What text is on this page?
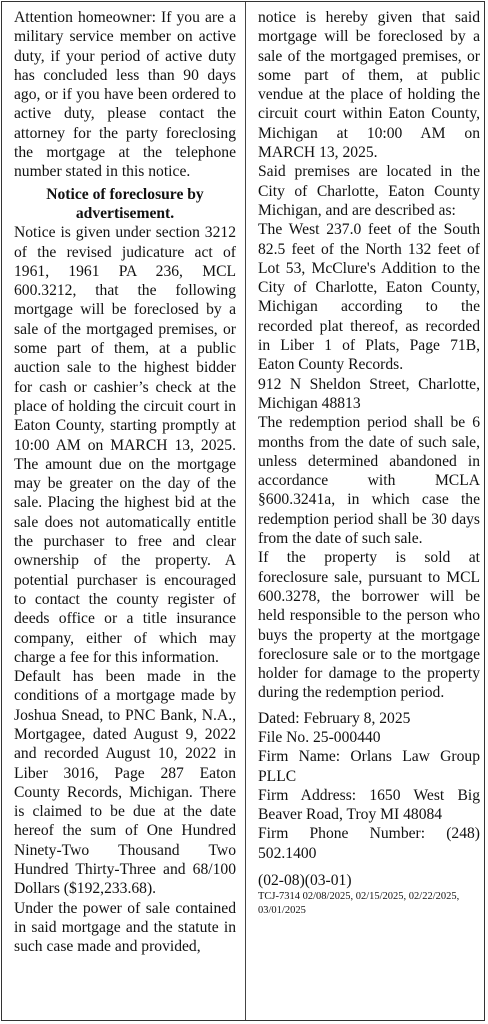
Attention homeowner: If you are a military service member on active duty, if your period of active duty has concluded less than 90 days ago, or if you have been ordered to active duty, please contact the attorney for the party foreclosing the mortgage at the telephone number stated in this notice.

Notice of foreclosure by advertisement.

Notice is given under section 3212 of the revised judicature act of 1961, 1961 PA 236, MCL 600.3212, that the following mortgage will be foreclosed by a sale of the mortgaged premises, or some part of them, at a public auction sale to the highest bidder for cash or cashier’s check at the place of holding the circuit court in Eaton County, starting promptly at 10:00 AM on MARCH 13, 2025. The amount due on the mortgage may be greater on the day of the sale. Placing the highest bid at the sale does not automatically entitle the purchaser to free and clear ownership of the property. A potential purchaser is encouraged to contact the county register of deeds office or a title insurance company, either of which may charge a fee for this information.

Default has been made in the conditions of a mortgage made by Joshua Snead, to PNC Bank, N.A., Mortgagee, dated August 9, 2022 and recorded August 10, 2022 in Liber 3016, Page 287 Eaton County Records, Michigan. There is claimed to be due at the date hereof the sum of One Hundred Ninety-Two Thousand Two Hundred Thirty-Three and 68/100 Dollars ($192,233.68).

Under the power of sale contained in said mortgage and the statute in such case made and provided,

notice is hereby given that said mortgage will be foreclosed by a sale of the mortgaged premises, or some part of them, at public vendue at the place of holding the circuit court within Eaton County, Michigan at 10:00 AM on MARCH 13, 2025.

Said premises are located in the City of Charlotte, Eaton County Michigan, and are described as:

The West 237.0 feet of the South 82.5 feet of the North 132 feet of Lot 53, McClure's Addition to the City of Charlotte, Eaton County, Michigan according to the recorded plat thereof, as recorded in Liber 1 of Plats, Page 71B, Eaton County Records.

912 N Sheldon Street, Charlotte, Michigan 48813

The redemption period shall be 6 months from the date of such sale, unless determined abandoned in accordance with MCLA §600.3241a, in which case the redemption period shall be 30 days from the date of such sale.

If the property is sold at foreclosure sale, pursuant to MCL 600.3278, the borrower will be held responsible to the person who buys the property at the mortgage foreclosure sale or to the mortgage holder for damage to the property during the redemption period.

Dated: February 8, 2025

File No. 25-000440

Firm Name: Orlans Law Group PLLC

Firm Address: 1650 West Big Beaver Road, Troy MI 48084

Firm Phone Number: (248) 502.1400

(02-08)(03-01)

TCJ-7314 02/08/2025, 02/15/2025, 02/22/2025, 03/01/2025
